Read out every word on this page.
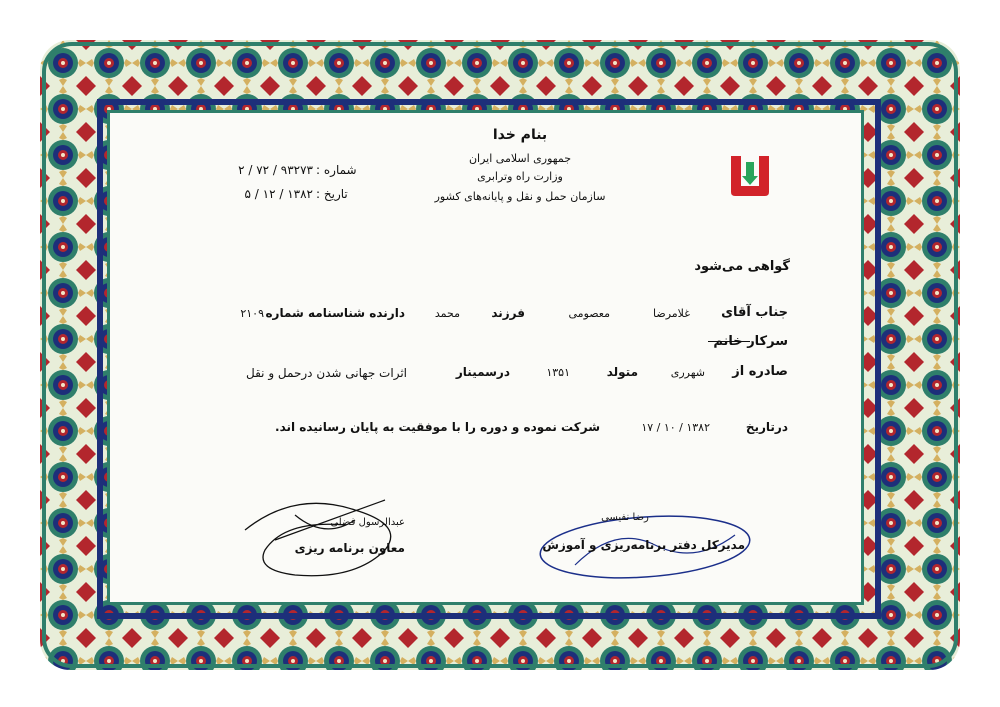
بنام خدا
جمهوری اسلامی ایران
وزارت راه وترابری
سازمان حمل و نقل و پایانه‌های کشور
شماره :
۲ / ۷۲ / ۹۳۲۷۳
تاریخ :
۵ / ۱۲ / ۱۳۸۲
گواهی می‌شود
جناب آقای
غلامرضا
معصومی
فرزند
محمد
دارنده شناسنامه شماره
۲۱۰۹
سرکار خانم
صادره از
شهرری
متولد
۱۳۵۱
درسمینار
اثرات جهانی شدن درحمل و نقل
درتاریخ
۱۷ / ۱۰ / ۱۳۸۲
شرکت نموده و دوره را با موفقیت به پایان رسانیده اند.
رضا نفیسی
مدیرکل دفتر برنامه‌ریزی و آموزش
عبدالرسول فضلی
معاون برنامه ریزی
